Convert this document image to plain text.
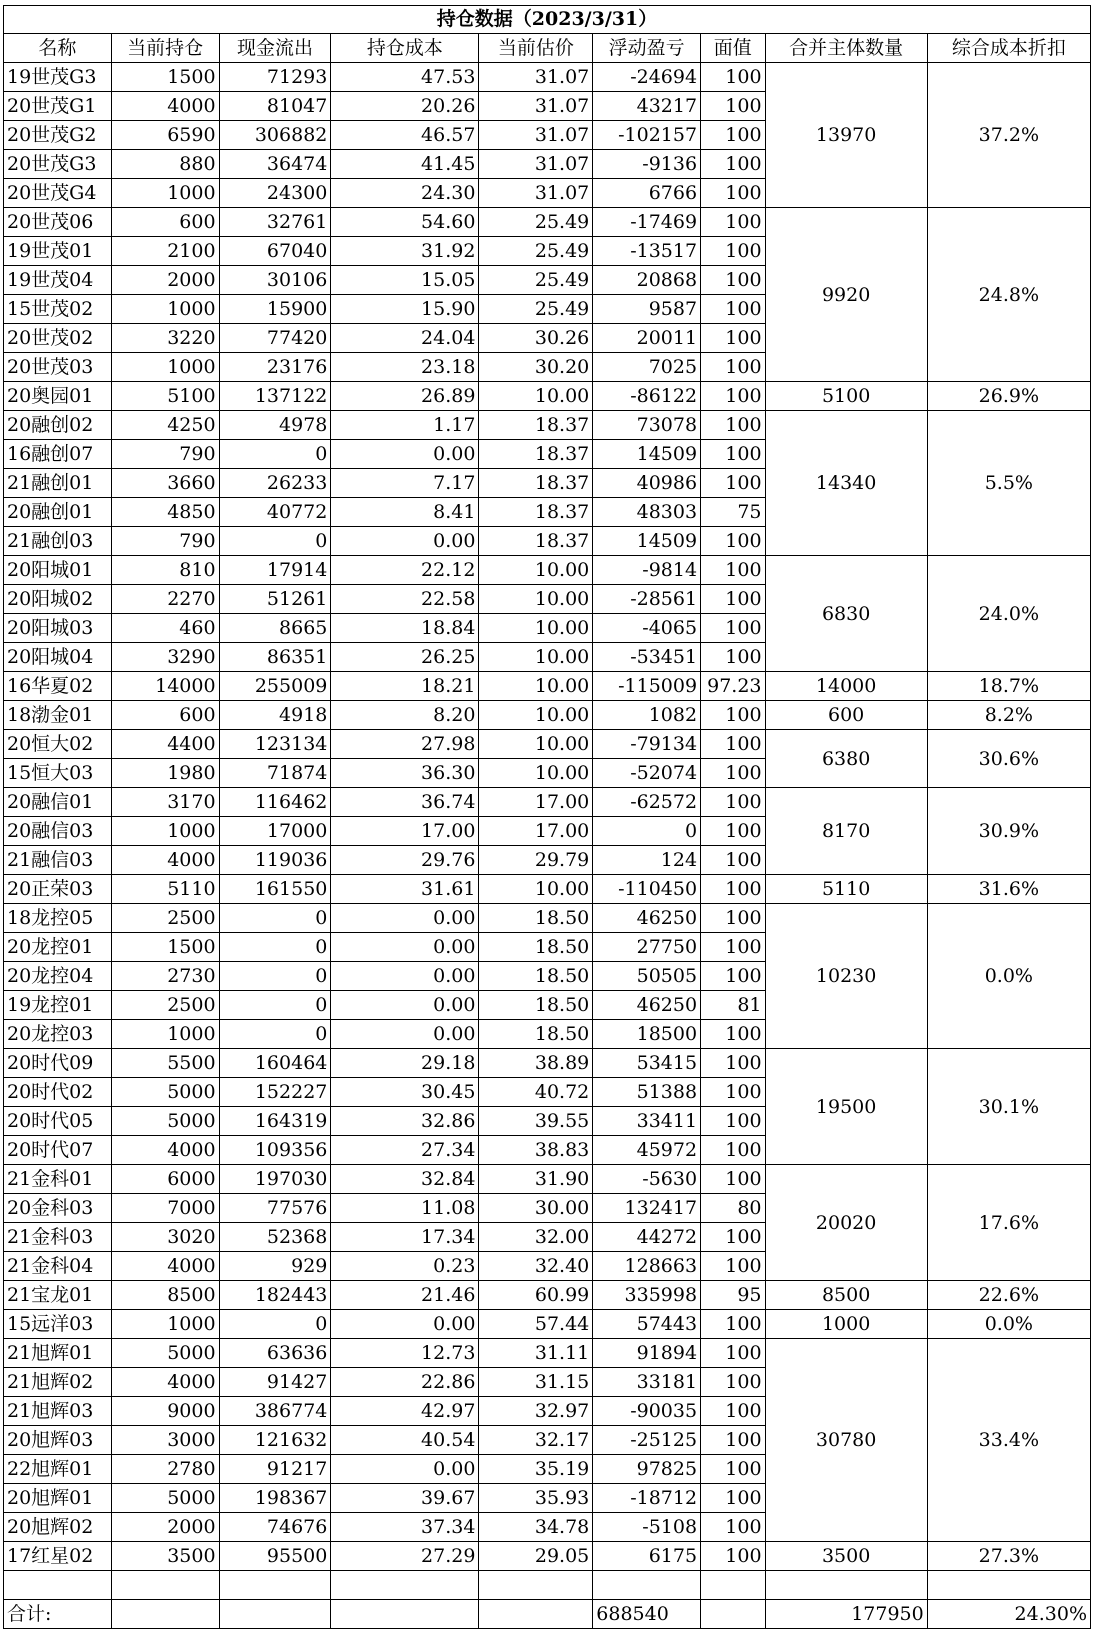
持仓数据（2023/3/31）								
名称	当前持仓	现金流出	持仓成本	当前估价	浮动盈亏	面值	合并主体数量	综合成本折扣
19世茂G3	1500	71293	47.53	31.07	-24694	100	13970	37.2%
20世茂G1	4000	81047	20.26	31.07	43217	100		
20世茂G2	6590	306882	46.57	31.07	-102157	100		
20世茂G3	880	36474	41.45	31.07	-9136	100		
20世茂G4	1000	24300	24.30	31.07	6766	100		
20世茂06	600	32761	54.60	25.49	-17469	100	9920	24.8%
19世茂01	2100	67040	31.92	25.49	-13517	100		
19世茂04	2000	30106	15.05	25.49	20868	100		
15世茂02	1000	15900	15.90	25.49	9587	100		
20世茂02	3220	77420	24.04	30.26	20011	100		
20世茂03	1000	23176	23.18	30.20	7025	100		
20奥园01	5100	137122	26.89	10.00	-86122	100	5100	26.9%
20融创02	4250	4978	1.17	18.37	73078	100	14340	5.5%
16融创07	790	0	0.00	18.37	14509	100		
21融创01	3660	26233	7.17	18.37	40986	100		
20融创01	4850	40772	8.41	18.37	48303	75		
21融创03	790	0	0.00	18.37	14509	100		
20阳城01	810	17914	22.12	10.00	-9814	100	6830	24.0%
20阳城02	2270	51261	22.58	10.00	-28561	100		
20阳城03	460	8665	18.84	10.00	-4065	100		
20阳城04	3290	86351	26.25	10.00	-53451	100		
16华夏02	14000	255009	18.21	10.00	-115009	97.23	14000	18.7%
18渤金01	600	4918	8.20	10.00	1082	100	600	8.2%
20恒大02	4400	123134	27.98	10.00	-79134	100	6380	30.6%
15恒大03	1980	71874	36.30	10.00	-52074	100		
20融信01	3170	116462	36.74	17.00	-62572	100	8170	30.9%
20融信03	1000	17000	17.00	17.00	0	100		
21融信03	4000	119036	29.76	29.79	124	100		
20正荣03	5110	161550	31.61	10.00	-110450	100	5110	31.6%
18龙控05	2500	0	0.00	18.50	46250	100	10230	0.0%
20龙控01	1500	0	0.00	18.50	27750	100		
20龙控04	2730	0	0.00	18.50	50505	100		
19龙控01	2500	0	0.00	18.50	46250	81		
20龙控03	1000	0	0.00	18.50	18500	100		
20时代09	5500	160464	29.18	38.89	53415	100	19500	30.1%
20时代02	5000	152227	30.45	40.72	51388	100		
20时代05	5000	164319	32.86	39.55	33411	100		
20时代07	4000	109356	27.34	38.83	45972	100		
21金科01	6000	197030	32.84	31.90	-5630	100	20020	17.6%
20金科03	7000	77576	11.08	30.00	132417	80		
21金科03	3020	52368	17.34	32.00	44272	100		
21金科04	4000	929	0.23	32.40	128663	100		
21宝龙01	8500	182443	21.46	60.99	335998	95	8500	22.6%
15远洋03	1000	0	0.00	57.44	57443	100	1000	0.0%
21旭辉01	5000	63636	12.73	31.11	91894	100	30780	33.4%
21旭辉02	4000	91427	22.86	31.15	33181	100		
21旭辉03	9000	386774	42.97	32.97	-90035	100		
20旭辉03	3000	121632	40.54	32.17	-25125	100		
22旭辉01	2780	91217	0.00	35.19	97825	100		
20旭辉01	5000	198367	39.67	35.93	-18712	100		
20旭辉02	2000	74676	37.34	34.78	-5108	100		
17红星02	3500	95500	27.29	29.05	6175	100	3500	27.3%

合计:					688540		177950	24.30%
